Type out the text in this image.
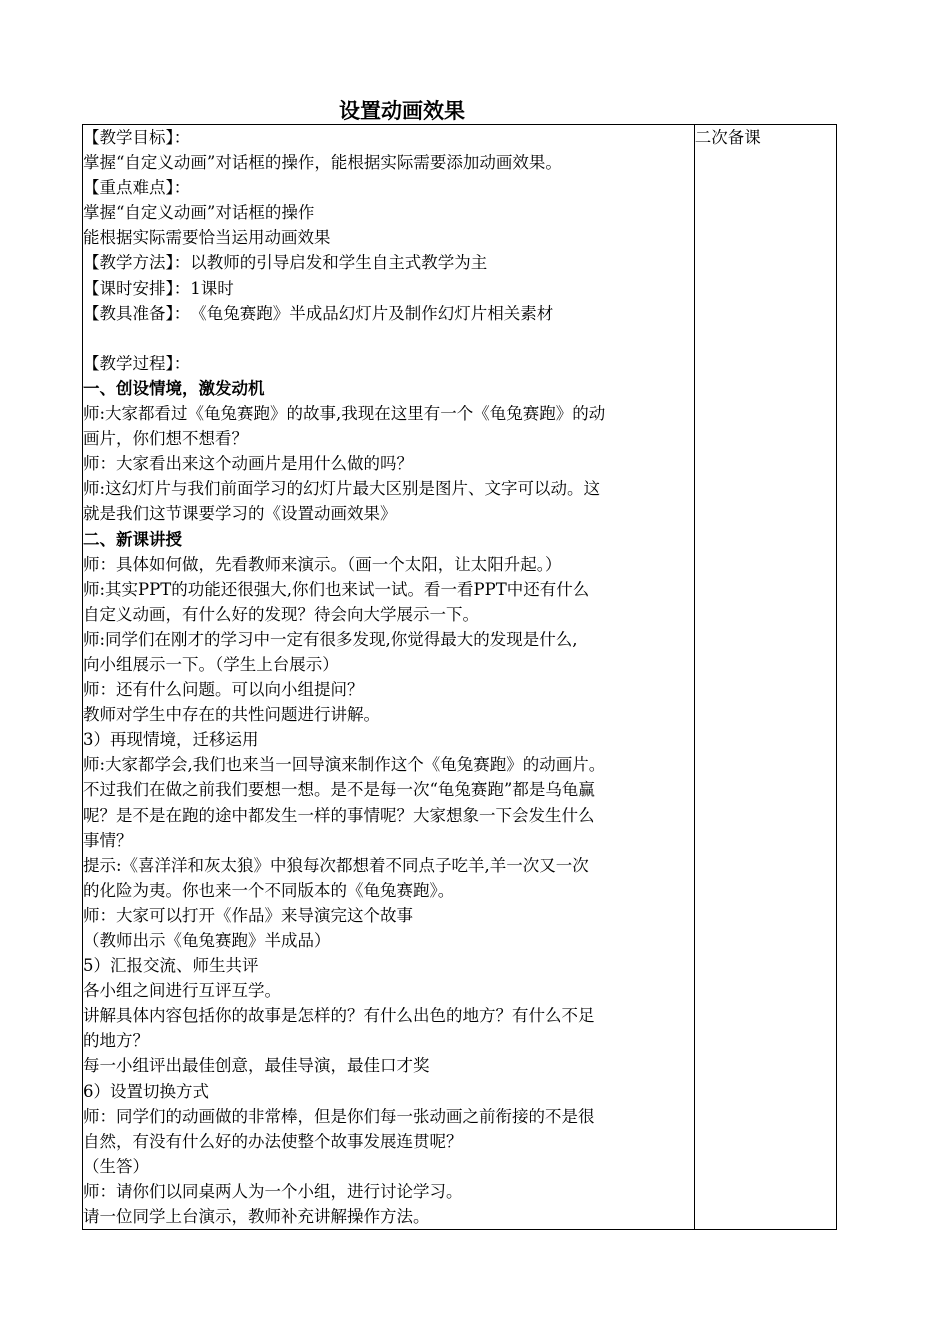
设置动画效果
【教学目标】：
掌握“自定义动画”对话框的操作，能根据实际需要添加动画效果。
【重点难点】：
掌握“自定义动画”对话框的操作
能根据实际需要恰当运用动画效果
【教学方法】：以教师的引导启发和学生自主式教学为主
【课时安排】：1课时
【教具准备】：　《龟兔赛跑》半成品幻灯片及制作幻灯片相关素材
【教学过程】：
一、创设情境，激发动机
师:大家都看过《龟兔赛跑》的故事,我现在这里有一个《龟兔赛跑》的动
画片，你们想不想看？
师：大家看出来这个动画片是用什么做的吗？
师:这幻灯片与我们前面学习的幻灯片最大区别是图片、文字可以动。这
就是我们这节课要学习的《设置动画效果》
二、新课讲授
师：具体如何做，先看教师来演示。（画一个太阳，让太阳升起。）
师:其实PPT的功能还很强大,你们也来试一试。看一看PPT中还有什么
自定义动画，有什么好的发现？待会向大学展示一下。
师:同学们在刚才的学习中一定有很多发现,你觉得最大的发现是什么,
向小组展示一下。（学生上台展示）
师：还有什么问题。可以向小组提问？
教师对学生中存在的共性问题进行讲解。
3）再现情境，迁移运用
师:大家都学会,我们也来当一回导演来制作这个《龟兔赛跑》的动画片。
不过我们在做之前我们要想一想。是不是每一次“龟兔赛跑”都是乌龟赢
呢？是不是在跑的途中都发生一样的事情呢？大家想象一下会发生什么
事情？
提示:《喜洋洋和灰太狼》中狼每次都想着不同点子吃羊,羊一次又一次
的化险为夷。你也来一个不同版本的《龟兔赛跑》。
师：大家可以打开《作品》来导演完这个故事
（教师出示《龟兔赛跑》半成品）
5）汇报交流、师生共评
各小组之间进行互评互学。
讲解具体内容包括你的故事是怎样的？有什么出色的地方？有什么不足
的地方？
每一小组评出最佳创意，最佳导演，最佳口才奖
6）设置切换方式
师：同学们的动画做的非常棒，但是你们每一张动画之前衔接的不是很
自然，有没有什么好的办法使整个故事发展连贯呢？
（生答）
师：请你们以同桌两人为一个小组，进行讨论学习。
请一位同学上台演示，教师补充讲解操作方法。
	二次备课
